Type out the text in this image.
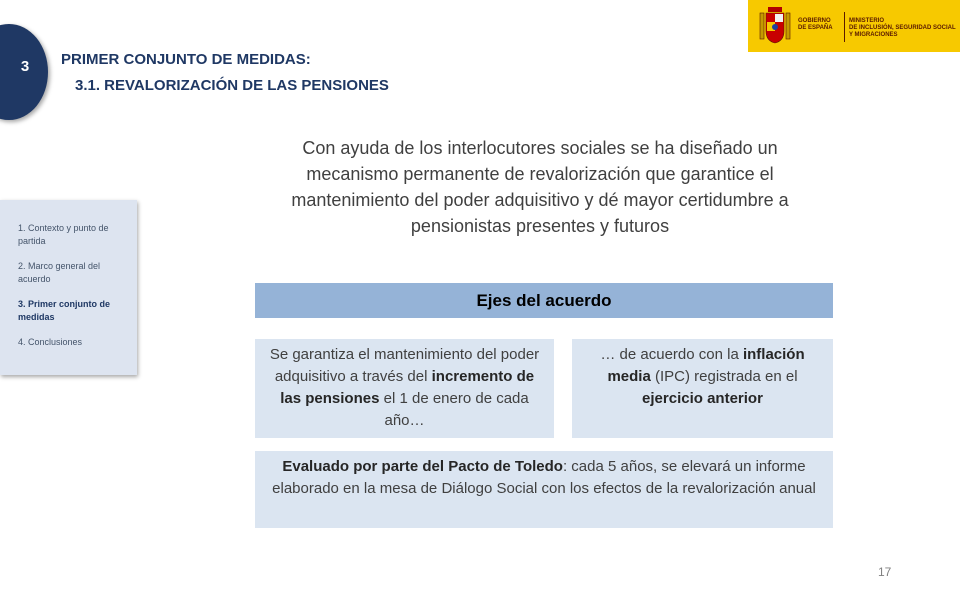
3	PRIMER CONJUNTO DE MEDIDAS:
3.1. REVALORIZACIÓN DE LAS PENSIONES
GOBIERNO
DE ESPAÑA
MINISTERIO
DE INCLUSIÓN, SEGURIDAD SOCIAL
Y MIGRACIONES
1. Contexto y punto de partida
2. Marco general del acuerdo
3. Primer conjunto de medidas
4. Conclusiones
Con ayuda de los interlocutores sociales se ha diseñado un mecanismo permanente de revalorización que garantice el mantenimiento del poder adquisitivo y dé mayor certidumbre a pensionistas presentes y futuros
Ejes del acuerdo
Se garantiza el mantenimiento del poder adquisitivo a través del incremento de las pensiones el 1 de enero de cada año…
… de acuerdo con la inflación media (IPC) registrada en el ejercicio anterior
Evaluado por parte del Pacto de Toledo: cada 5 años, se elevará un informe elaborado en la mesa de Diálogo Social con los efectos de la revalorización anual
17
